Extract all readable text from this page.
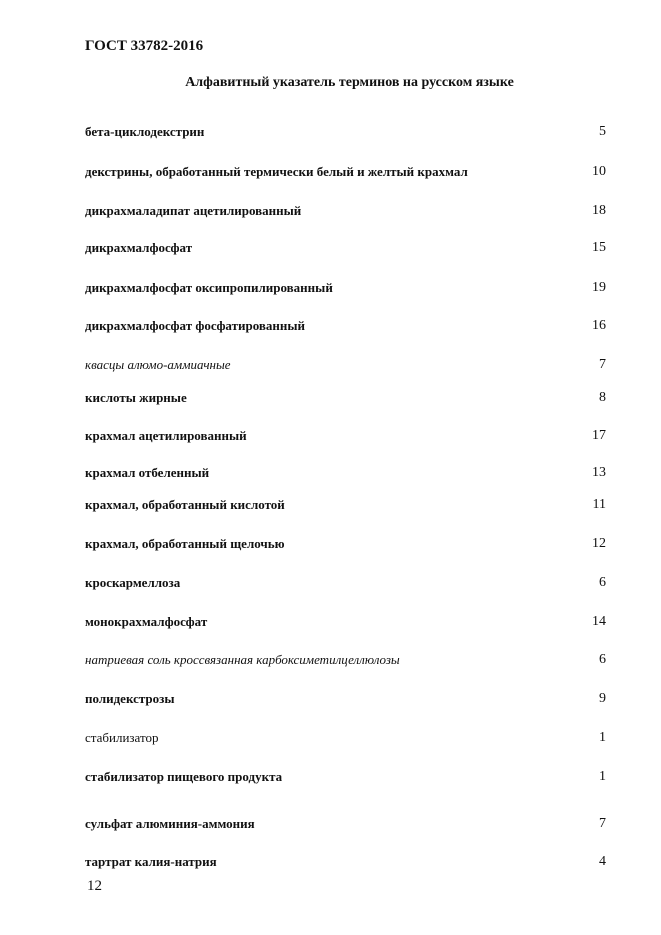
ГОСТ 33782-2016
Алфавитный указатель терминов на русском языке
бета-циклодекстрин	5
декстрины, обработанный термически белый и желтый крахмал	10
дикрахмаладипат ацетилированный	18
дикрахмалфосфат	15
дикрахмалфосфат оксипропилированный	19
дикрахмалфосфат фосфатированный	16
квасцы алюмо-аммиачные	7
кислоты жирные	8
крахмал ацетилированный	17
крахмал отбеленный	13
крахмал, обработанный кислотой	11
крахмал, обработанный щелочью	12
кроскармеллоза	6
монокрахмалфосфат	14
натриевая соль кроссвязанная карбоксиметилцеллюлозы	6
полидекстрозы	9
стабилизатор	1
стабилизатор пищевого продукта	1
сульфат алюминия-аммония	7
тартрат калия-натрия	4
12
